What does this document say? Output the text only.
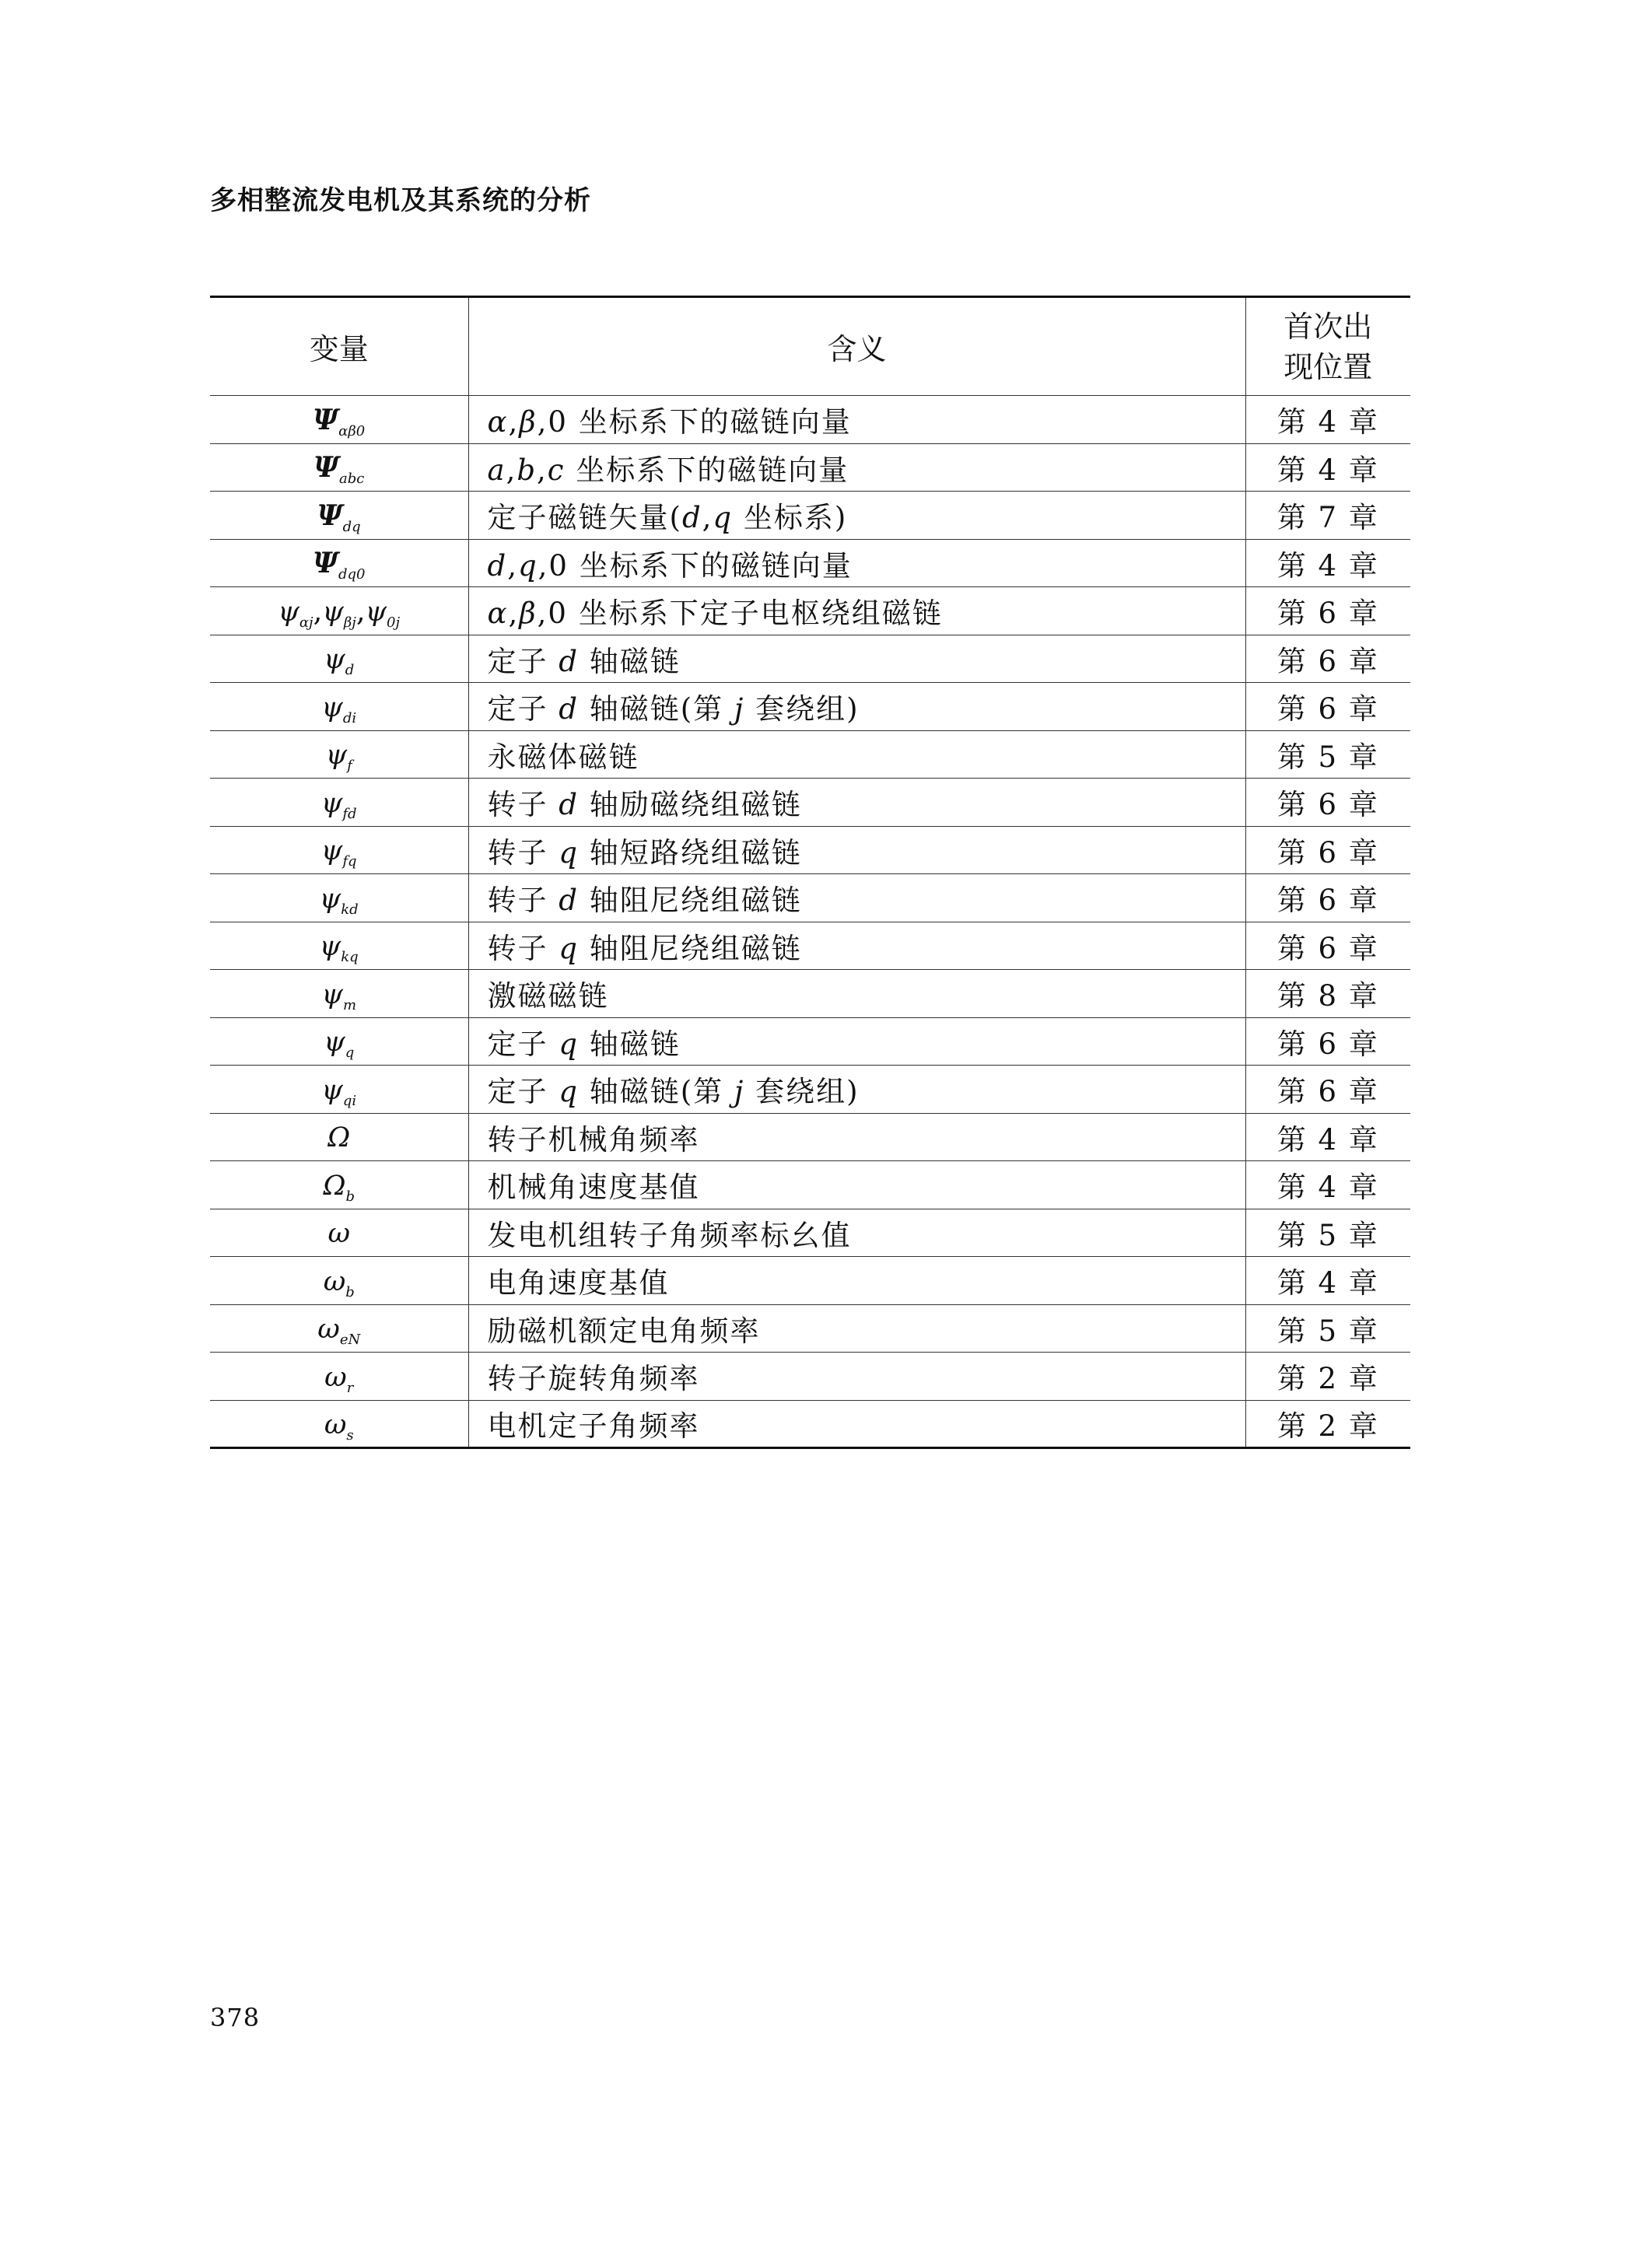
多相整流发电机及其系统的分析
变量	含义	首次出
现位置
$\Psi_{\alpha\beta 0}$	α,β,0 坐标系下的磁链向量	第 4 章
$\Psi_{abc}$	a,b,c 坐标系下的磁链向量	第 4 章
$\Psi_{dq}$	定子磁链矢量(d,q 坐标系)	第 7 章
$\Psi_{dq0}$	d,q,0 坐标系下的磁链向量	第 4 章
$\psi_{\alpha j},\psi_{\beta j},\psi_{0j}$	α,β,0 坐标系下定子电枢绕组磁链	第 6 章
$\psi_d$	定子 d 轴磁链	第 6 章
$\psi_{di}$	定子 d 轴磁链(第 j 套绕组)	第 6 章
$\psi_f$	永磁体磁链	第 5 章
$\psi_{fd}$	转子 d 轴励磁绕组磁链	第 6 章
$\psi_{fq}$	转子 q 轴短路绕组磁链	第 6 章
$\psi_{kd}$	转子 d 轴阻尼绕组磁链	第 6 章
$\psi_{kq}$	转子 q 轴阻尼绕组磁链	第 6 章
$\psi_m$	激磁磁链	第 8 章
$\psi_q$	定子 q 轴磁链	第 6 章
$\psi_{qi}$	定子 q 轴磁链(第 j 套绕组)	第 6 章
Ω	转子机械角频率	第 4 章
$\Omega_b$	机械角速度基值	第 4 章
ω	发电机组转子角频率标幺值	第 5 章
$\omega_b$	电角速度基值	第 4 章
$\omega_{eN}$	励磁机额定电角频率	第 5 章
$\omega_r$	转子旋转角频率	第 2 章
$\omega_s$	电机定子角频率	第 2 章
378
